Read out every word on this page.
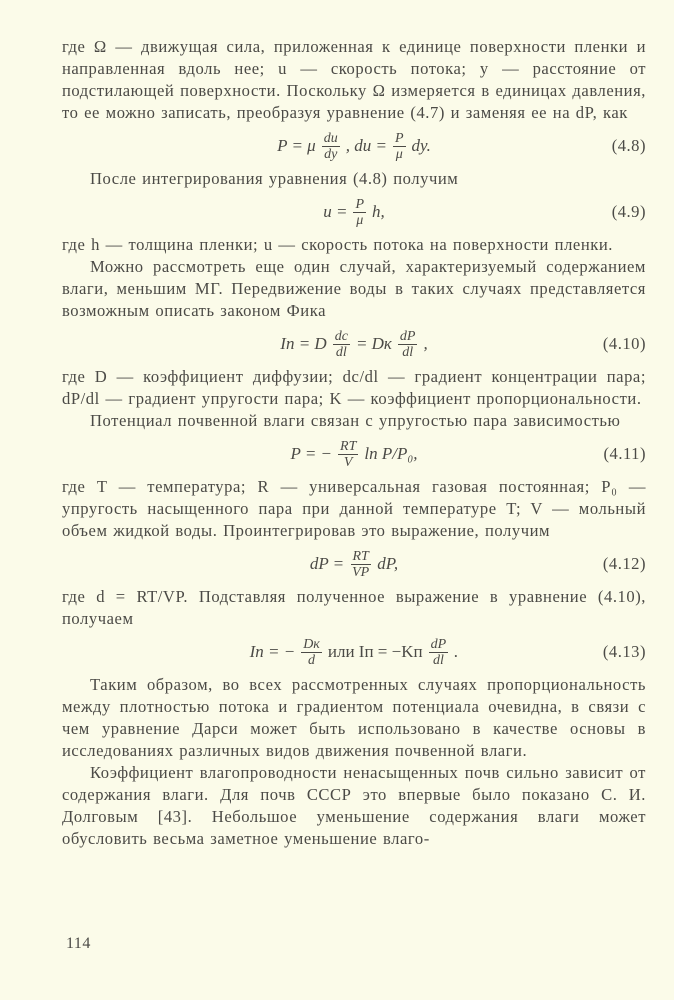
где Ω — движущая сила, приложенная к единице поверхности пленки и направленная вдоль нее; u — скорость потока; y — расстояние от подстилающей поверхности. Поскольку Ω измеряется в единицах давления, то ее можно записать, преобразуя уравнение (4.7) и заменяя ее на dP, как

P = μ $\frac{du}{dy}$ , du = $\frac{P}{\mu}$ dy.	(4.8)

После интегрирования уравнения (4.8) получим

$u = \frac{P}{\mu} h$,	(4.9)

где h — толщина пленки; u — скорость потока на поверхности пленки.

Можно рассмотреть еще один случай, характеризуемый содержанием влаги, меньшим МГ. Передвижение воды в таких случаях представляется возможным описать законом Фика

Iп = D $\frac{dc}{dl}$ = Dк $\frac{dP}{dl}$ ,	(4.10)

где D — коэффициент диффузии; dc/dl — градиент концентрации пара; dP/dl — градиент упругости пара; K — коэффициент пропорциональности.

Потенциал почвенной влаги связан с упругостью пара зависимостью

P = − $\frac{RT}{V}$ ln P/P₀,	(4.11)

где T — температура; R — универсальная газовая постоянная; P₀ — упругость насыщенного пара при данной температуре T; V — мольный объем жидкой воды. Проинтегрировав это выражение, получим

dP = $\frac{RT}{VP}$ dP,	(4.12)

где d = RT/VP. Подставляя полученное выражение в уравнение (4.10), получаем

Iп = − $\frac{Dк}{d}$ или Iп = $-Kп \frac{dP}{dl}$ .	(4.13)

Таким образом, во всех рассмотренных случаях пропорциональность между плотностью потока и градиентом потенциала очевидна, в связи с чем уравнение Дарси может быть использовано в качестве основы в исследованиях различных видов движения почвенной влаги.

Коэффициент влагопроводности ненасыщенных почв сильно зависит от содержания влаги. Для почв СССР это впервые было показано С. И. Долговым [43]. Небольшое уменьшение содержания влаги может обусловить весьма заметное уменьшение влаго-

114
